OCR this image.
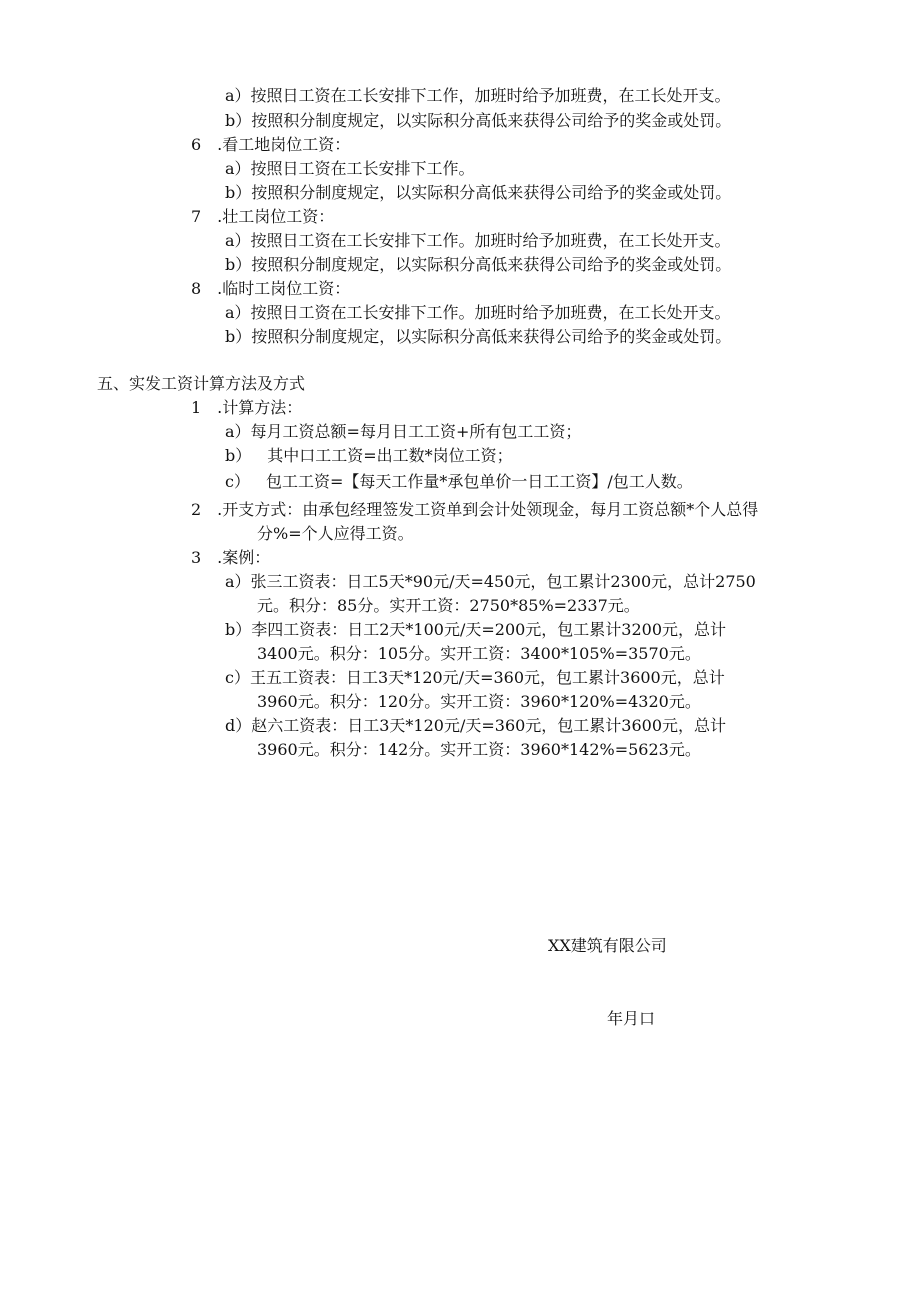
a）按照日工资在工长安排下工作，加班时给予加班费，在工长处开支。
b）按照积分制度规定，以实际积分高低来获得公司给予的奖金或处罚。
6 .看工地岗位工资：
a）按照日工资在工长安排下工作。
b）按照积分制度规定，以实际积分高低来获得公司给予的奖金或处罚。
7 .壮工岗位工资：
a）按照日工资在工长安排下工作。加班时给予加班费，在工长处开支。
b）按照积分制度规定，以实际积分高低来获得公司给予的奖金或处罚。
8 .临时工岗位工资：
a）按照日工资在工长安排下工作。加班时给予加班费，在工长处开支。
b）按照积分制度规定，以实际积分高低来获得公司给予的奖金或处罚。
五、实发工资计算方法及方式
1 .计算方法：
a）每月工资总额=每月日工工资+所有包工工资；
b） 其中口工工资=出工数*岗位工资；
c） 包工工资=【每天工作量*承包单价一日工工资】/包工人数。
2 .开支方式：由承包经理签发工资单到会计处领现金，每月工资总额*个人总得
分%=个人应得工资。
3 .案例：
a）张三工资表：日工5天*90元/天=450元，包工累计2300元，总计2750
元。积分：85分。实开工资：2750*85%=2337元。
b）李四工资表：日工2天*100元/天=200元，包工累计3200元，总计
3400元。积分：105分。实开工资：3400*105%=3570元。
c）王五工资表：日工3天*120元/天=360元，包工累计3600元，总计
3960元。积分：120分。实开工资：3960*120%=4320元。
d）赵六工资表：日工3天*120元/天=360元，包工累计3600元，总计
3960元。积分：142分。实开工资：3960*142%=5623元。
XX建筑有限公司
年月口
